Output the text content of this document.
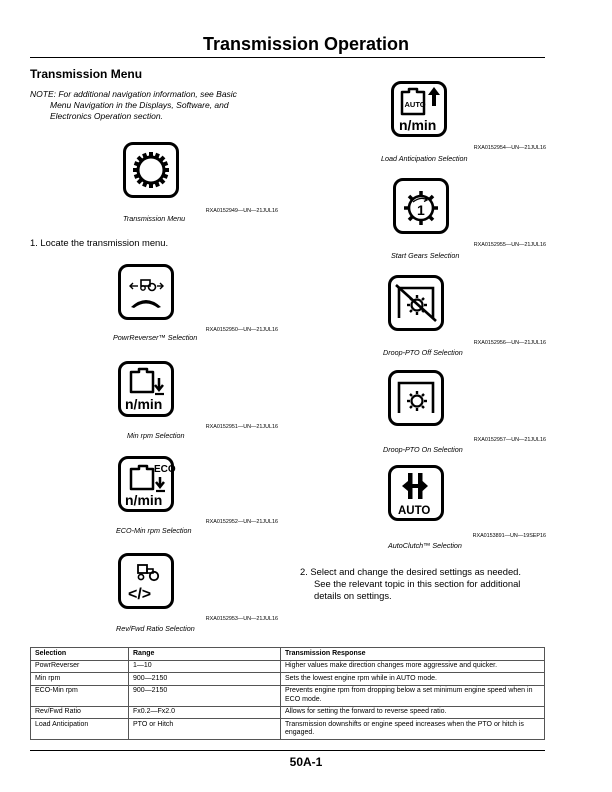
Transmission Operation
Transmission Menu
NOTE: For additional navigation information, see Basic
Menu Navigation in the Displays, Software, and
Electronics Operation section.
RXA0152949—UN—21JUL16
Transmission Menu
1. Locate the transmission menu.
RXA0152950—UN—21JUL16
PowrReverser™ Selection
n/min
RXA0152951—UN—21JUL16
Min rpm Selection
ECO
n/min
RXA0152952—UN—21JUL16
ECO-Min rpm Selection
</>
RXA0152953—UN—21JUL16
Rev/Fwd Ratio Selection
AUTO
n/min
RXA0152954—UN—21JUL16
Load Anticipation Selection
1
RXA0152955—UN—21JUL16
Start Gears Selection
RXA0152956—UN—21JUL16
Droop-PTO Off Selection
RXA0152957—UN—21JUL16
Droop-PTO On Selection
AUTO
RXA0153891—UN—19SEP16
AutoClutch™ Selection
2. Select and change the desired settings as needed.
See the relevant topic in this section for additional
details on settings.
Selection	Range	Transmission Response
PowrReverser	1—10	Higher values make direction changes more aggressive and quicker.
Min rpm	900—2150	Sets the lowest engine rpm while in AUTO mode.
ECO-Min rpm	900—2150	Prevents engine rpm from dropping below a set minimum engine speed when in ECO mode.
Rev/Fwd Ratio	Fx0.2—Fx2.0	Allows for setting the forward to reverse speed ratio.
Load Anticipation	PTO or Hitch	Transmission downshifts or engine speed increases when the PTO or hitch is engaged.
50A-1
